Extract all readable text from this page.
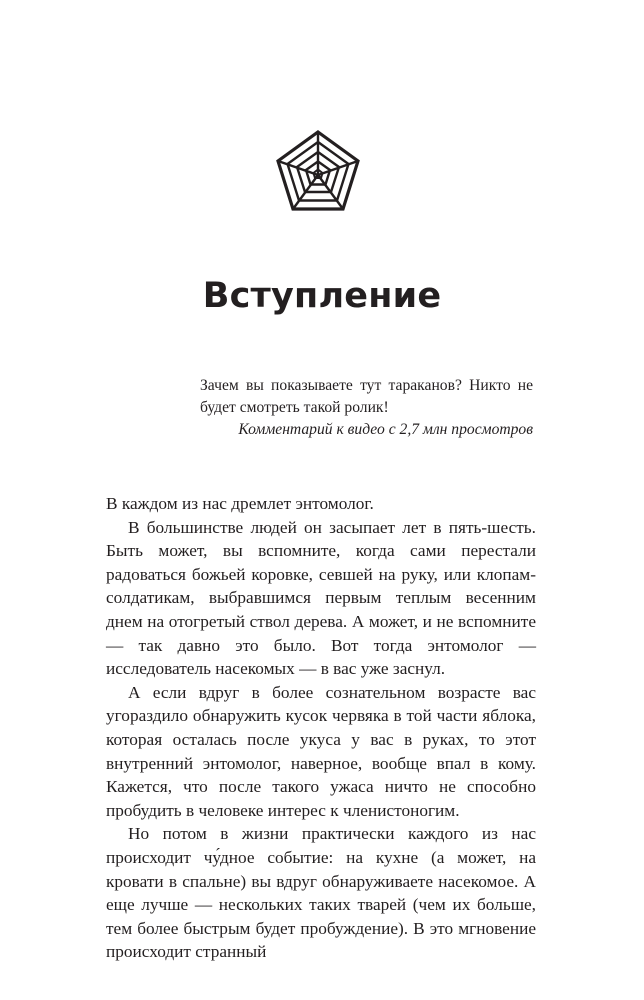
Вступление

Зачем вы показываете тут тараканов? Никто не будет смотреть такой ролик!

Комментарий к видео с 2,7 млн просмотров

В каждом из нас дремлет энтомолог.

В большинстве людей он засыпает лет в пять-шесть. Быть может, вы вспомните, когда сами перестали радоваться божьей коровке, севшей на руку, или клопам-солдатикам, выбравшимся первым теплым весенним днем на отогретый ствол дерева. А может, и не вспомните — так давно это было. Вот тогда энтомолог — исследователь насекомых — в вас уже заснул.

А если вдруг в более сознательном возрасте вас угораздило обнаружить кусок червяка в той части яблока, которая осталась после укуса у вас в руках, то этот внутренний энтомолог, наверное, вообще впал в кому. Кажется, что после такого ужаса ничто не способно пробудить в человеке интерес к членистоногим.

Но потом в жизни практически каждого из нас происходит чу́дное событие: на кухне (а может, на кровати в спальне) вы вдруг обнаруживаете насекомое. А еще лучше — нескольких таких тварей (чем их больше, тем более быстрым будет пробуждение). В это мгновение происходит странный
